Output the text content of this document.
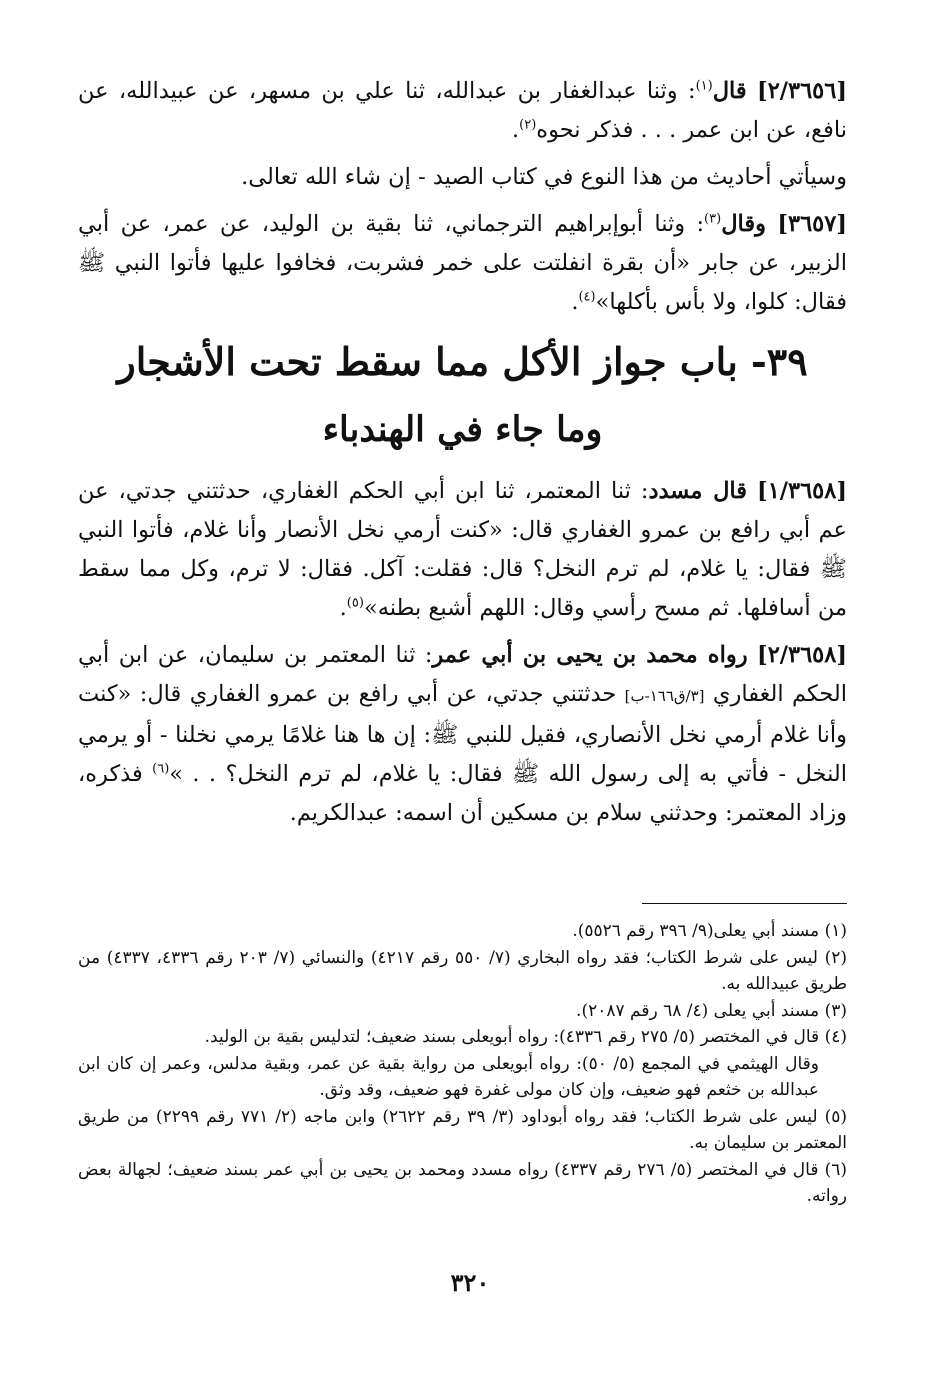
[٢/٣٦٥٦] قال$^{(١)}$: وثنا عبدالغفار بن عبدالله، ثنا علي بن مسهر، عن عبيدالله، عن نافع، عن ابن عمر . . . فذكر نحوه$^{(٢)}$.

وسيأتي أحاديث من هذا النوع في كتاب الصيد - إن شاء الله تعالى.

[٣٦٥٧] وقال$^{(٣)}$: وثنا أبوإبراهيم الترجماني، ثنا بقية بن الوليد، عن عمر، عن أبي الزبير، عن جابر «أن بقرة انفلتت على خمر فشربت، فخافوا عليها فأتوا النبي ﷺ فقال: كلوا، ولا بأس بأكلها»$^{(٤)}$.

٣٩- باب جواز الأكل مما سقط تحت الأشجار
وما جاء في الهندباء

[١/٣٦٥٨] قال مسدد: ثنا المعتمر، ثنا ابن أبي الحكم الغفاري، حدثتني جدتي، عن عم أبي رافع بن عمرو الغفاري قال: «كنت أرمي نخل الأنصار وأنا غلام، فأتوا النبي ﷺ فقال: يا غلام، لم ترم النخل؟ قال: فقلت: آكل. فقال: لا ترم، وكل مما سقط من أسافلها. ثم مسح رأسي وقال: اللهم أشبع بطنه»$^{(٥)}$.

[٢/٣٦٥٨] رواه محمد بن يحيى بن أبي عمر: ثنا المعتمر بن سليمان، عن ابن أبي الحكم الغفاري [٣/ق١٦٦-ب] حدثتني جدتي، عن أبي رافع بن عمرو الغفاري قال: «كنت وأنا غلام أرمي نخل الأنصاري، فقيل للنبي ﷺ: إن ها هنا غلامًا يرمي نخلنا - أو يرمي النخل - فأتي به إلى رسول الله ﷺ فقال: يا غلام، لم ترم النخل؟ . . »$^{(٦)}$ فذكره، وزاد المعتمر: وحدثني سلام بن مسكين أن اسمه: عبدالكريم.

(١) مسند أبي يعلى(٩/ ٣٩٦ رقم ٥٥٢٦).

(٢) ليس على شرط الكتاب؛ فقد رواه البخاري (٧/ ٥٥٠ رقم ٤٢١٧) والنسائي (٧/ ٢٠٣ رقم ٤٣٣٦، ٤٣٣٧) من طريق عبيدالله به.

(٣) مسند أبي يعلى (٤/ ٦٨ رقم ٢٠٨٧).

(٤) قال في المختصر (٥/ ٢٧٥ رقم ٤٣٣٦): رواه أبويعلى بسند ضعيف؛ لتدليس بقية بن الوليد.

وقال الهيثمي في المجمع (٥/ ٥٠): رواه أبويعلى من رواية بقية عن عمر، وبقية مدلس، وعمر إن كان ابن عبدالله بن خثعم فهو ضعيف، وإن كان مولى غفرة فهو ضعيف، وقد وثق.

(٥) ليس على شرط الكتاب؛ فقد رواه أبوداود (٣/ ٣٩ رقم ٢٦٢٢) وابن ماجه (٢/ ٧٧١ رقم ٢٢٩٩) من طريق المعتمر بن سليمان به.

(٦) قال في المختصر (٥/ ٢٧٦ رقم ٤٣٣٧) رواه مسدد ومحمد بن يحيى بن أبي عمر بسند ضعيف؛ لجهالة بعض رواته.

٣٢٠
